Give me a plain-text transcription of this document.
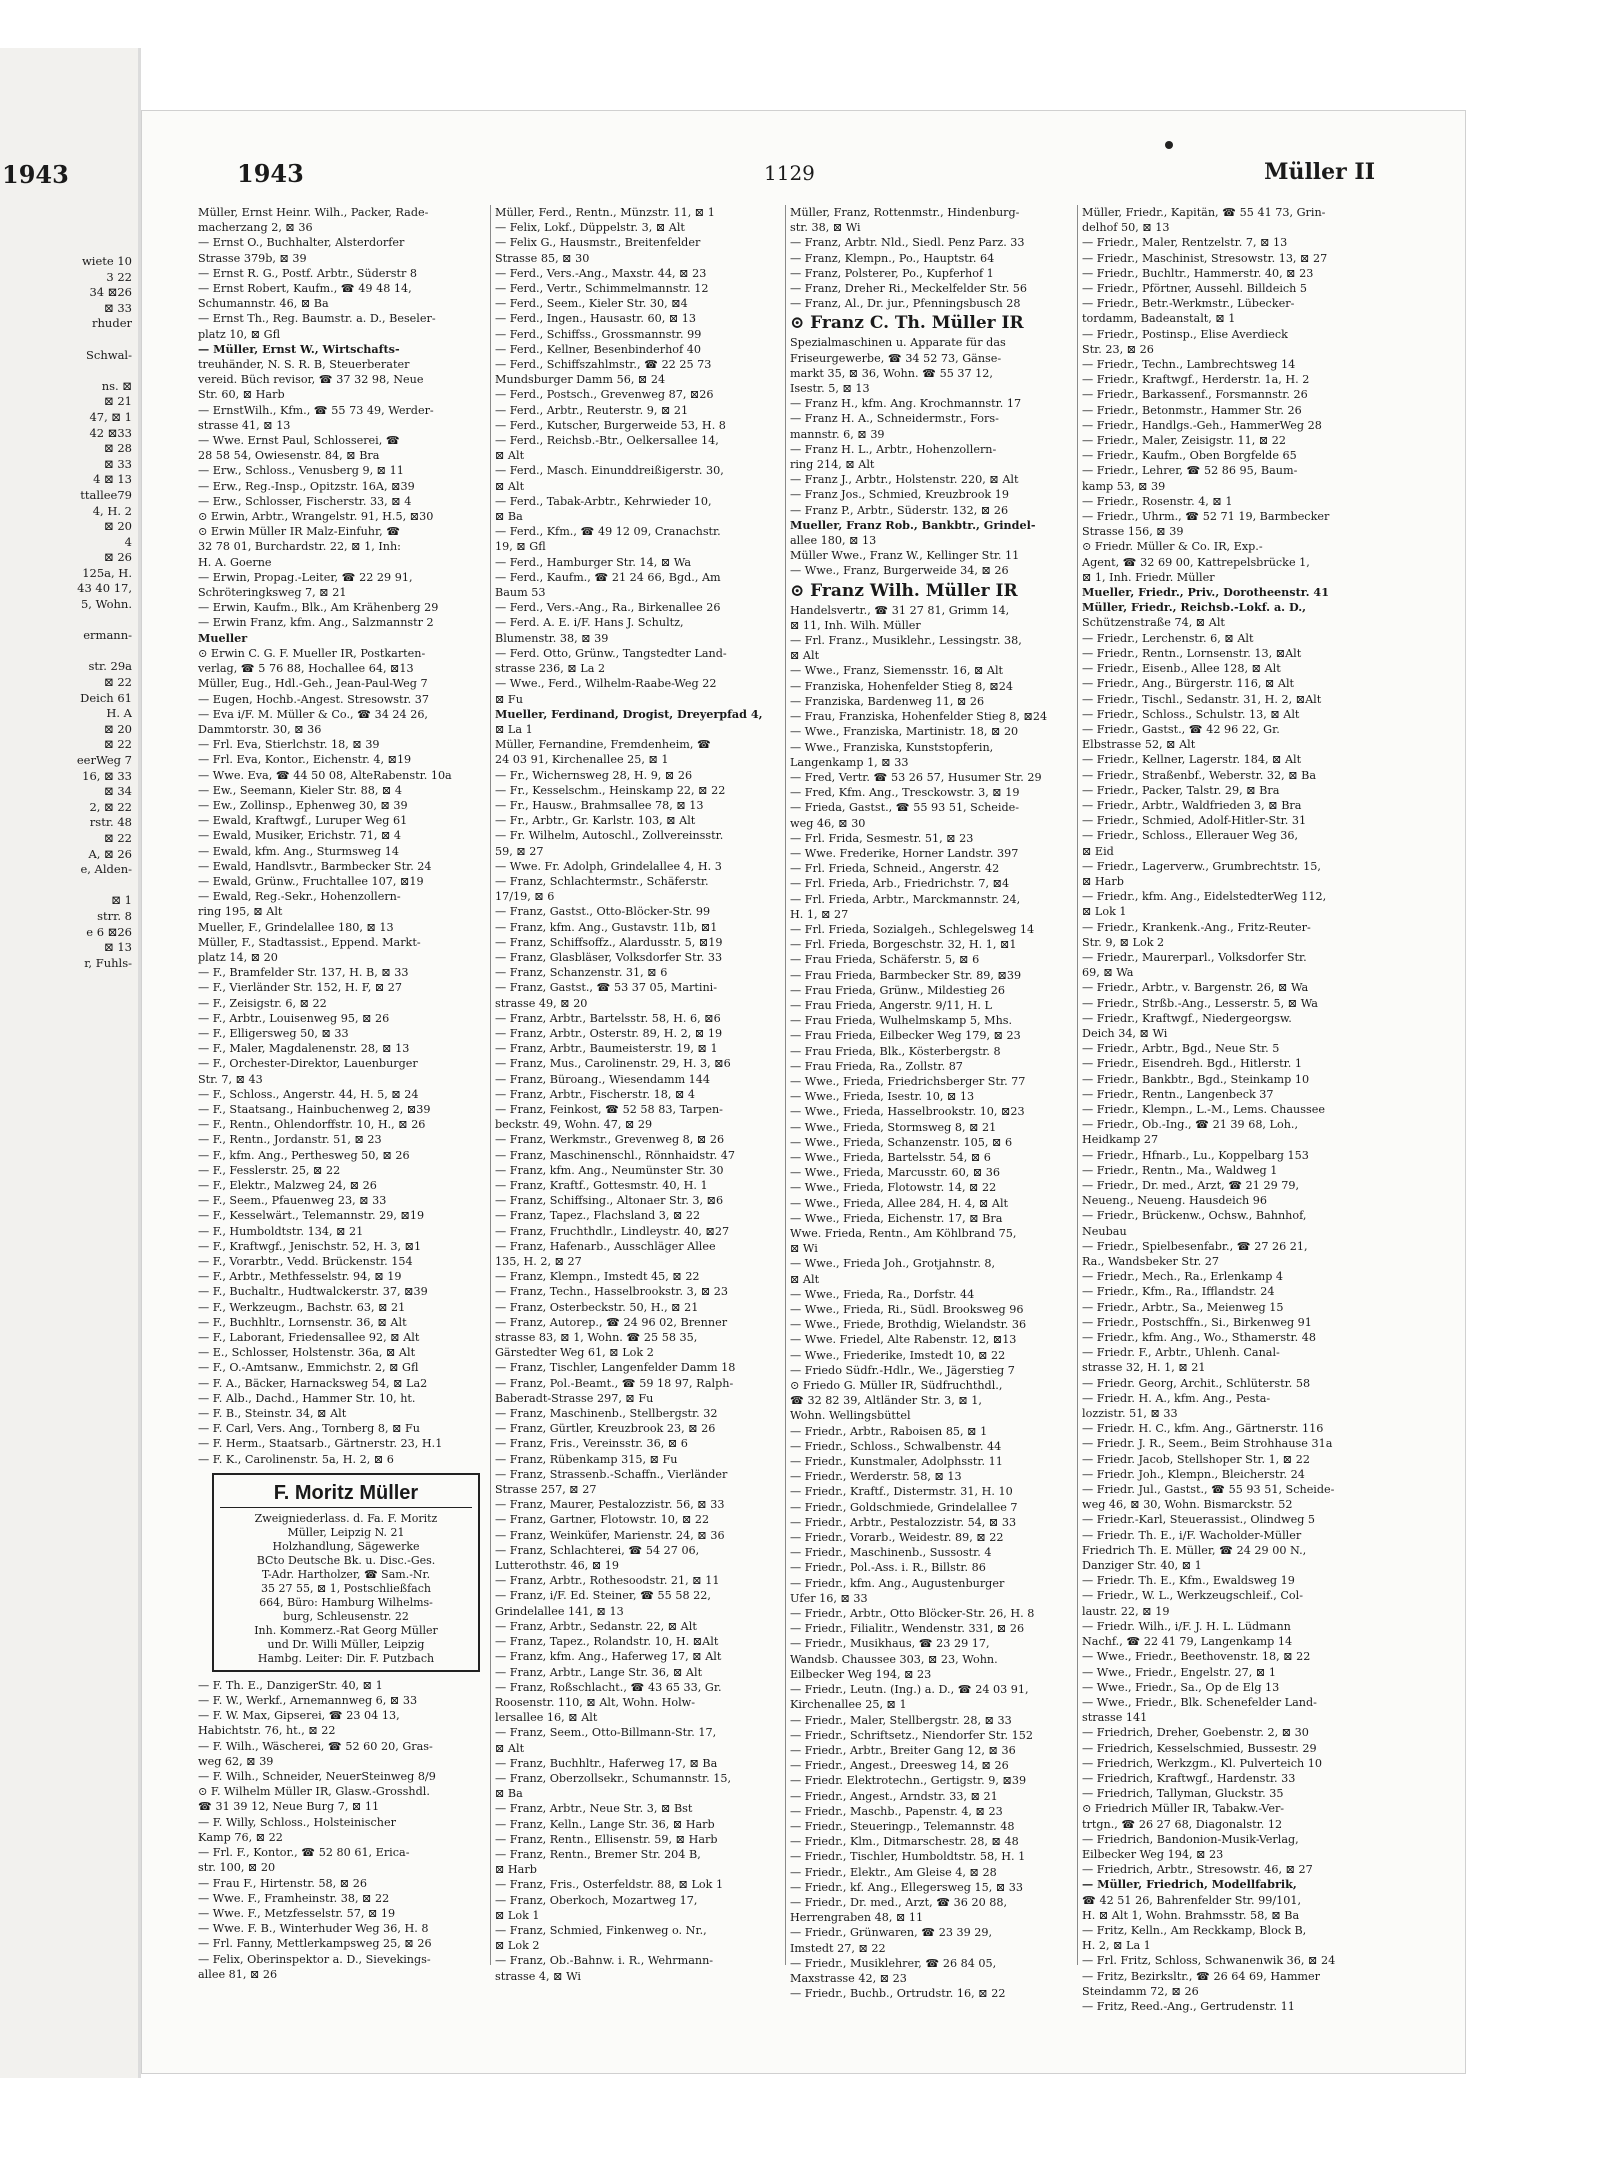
1943
wiete 10
3 22
34 ⊠26
⊠ 33
rhuder
Schwal-
ns. ⊠
⊠ 21
47, ⊠ 1
42 ⊠33
⊠ 28
⊠ 33
4 ⊠ 13
ttallee79
4, H. 2
⊠ 20
4
⊠ 26
125a, H.
43 40 17,
5, Wohn.
ermann-
str. 29a
⊠ 22
Deich 61
H. A
⊠ 20
⊠ 22
eerWeg 7
16, ⊠ 33
⊠ 34
2, ⊠ 22
rstr. 48
⊠ 22
A, ⊠ 26
e, Alden-
⊠ 1
strr. 8
e 6 ⊠26
⊠ 13
r, Fuhls-
1943	1129	Müller II
Müller, Ernst Heinr. Wilh., Packer, Rade-
macherzang 2, ⊠ 36
— Ernst O., Buchhalter, Alsterdorfer
Strasse 379b, ⊠ 39
— Ernst R. G., Postf. Arbtr., Süderstr 8
— Ernst Robert, Kaufm., ☎ 49 48 14,
Schumannstr. 46, ⊠ Ba
— Ernst Th., Reg. Baumstr. a. D., Beseler-
platz 10, ⊠ Gfl
— Müller, Ernst W., Wirtschafts-
treuhänder, N. S. R. B, Steuerberater
vereid. Büch revisor, ☎ 37 32 98, Neue
Str. 60, ⊠ Harb
— ErnstWilh., Kfm., ☎ 55 73 49, Werder-
strasse 41, ⊠ 13
— Wwe. Ernst Paul, Schlosserei, ☎
28 58 54, Owiesenstr. 84, ⊠ Bra
— Erw., Schloss., Venusberg 9, ⊠ 11
— Erw., Reg.-Insp., Opitzstr. 16A, ⊠39
— Erw., Schlosser, Fischerstr. 33, ⊠ 4
⊙ Erwin, Arbtr., Wrangelstr. 91, H.5, ⊠30
⊙ Erwin Müller IR Malz-Einfuhr, ☎
32 78 01, Burchardstr. 22, ⊠ 1, Inh:
H. A. Goerne
— Erwin, Propag.-Leiter, ☎ 22 29 91,
Schröteringksweg 7, ⊠ 21
— Erwin, Kaufm., Blk., Am Krähenberg 29
— Erwin Franz, kfm. Ang., Salzmannstr 2
Mueller
⊙ Erwin C. G. F. Mueller IR, Postkarten-
verlag, ☎ 5 76 88, Hochallee 64, ⊠13
Müller, Eug., Hdl.-Geh., Jean-Paul-Weg 7
— Eugen, Hochb.-Angest. Stresowstr. 37
— Eva i/F. M. Müller & Co., ☎ 34 24 26,
Dammtorstr. 30, ⊠ 36
— Frl. Eva, Stierlchstr. 18, ⊠ 39
— Frl. Eva, Kontor., Eichenstr. 4, ⊠19
— Wwe. Eva, ☎ 44 50 08, AlteRabenstr. 10a
— Ew., Seemann, Kieler Str. 88, ⊠ 4
— Ew., Zollinsp., Ephenweg 30, ⊠ 39
— Ewald, Kraftwgf., Luruper Weg 61
— Ewald, Musiker, Erichstr. 71, ⊠ 4
— Ewald, kfm. Ang., Sturmsweg 14
— Ewald, Handlsvtr., Barmbecker Str. 24
— Ewald, Grünw., Fruchtallee 107, ⊠19
— Ewald, Reg.-Sekr., Hohenzollern-
ring 195, ⊠ Alt
Mueller, F., Grindelallee 180, ⊠ 13
Müller, F., Stadtassist., Eppend. Markt-
platz 14, ⊠ 20
— F., Bramfelder Str. 137, H. B, ⊠ 33
— F., Vierländer Str. 152, H. F, ⊠ 27
— F., Zeisigstr. 6, ⊠ 22
— F., Arbtr., Louisenweg 95, ⊠ 26
— F., Elligersweg 50, ⊠ 33
— F., Maler, Magdalenenstr. 28, ⊠ 13
— F., Orchester-Direktor, Lauenburger
Str. 7, ⊠ 43
— F., Schloss., Angerstr. 44, H. 5, ⊠ 24
— F., Staatsang., Hainbuchenweg 2, ⊠39
— F., Rentn., Ohlendorffstr. 10, H., ⊠ 26
— F., Rentn., Jordanstr. 51, ⊠ 23
— F., kfm. Ang., Perthesweg 50, ⊠ 26
— F., Fesslerstr. 25, ⊠ 22
— F., Elektr., Malzweg 24, ⊠ 26
— F., Seem., Pfauenweg 23, ⊠ 33
— F., Kesselwärt., Telemannstr. 29, ⊠19
— F., Humboldtstr. 134, ⊠ 21
— F., Kraftwgf., Jenischstr. 52, H. 3, ⊠1
— F., Vorarbtr., Vedd. Brückenstr. 154
— F., Arbtr., Methfesselstr. 94, ⊠ 19
— F., Buchaltr., Hudtwalckerstr. 37, ⊠39
— F., Werkzeugm., Bachstr. 63, ⊠ 21
— F., Buchhltr., Lornsenstr. 36, ⊠ Alt
— F., Laborant, Friedensallee 92, ⊠ Alt
— E., Schlosser, Holstenstr. 36a, ⊠ Alt
— F., O.-Amtsanw., Emmichstr. 2, ⊠ Gfl
— F. A., Bäcker, Harnacksweg 54, ⊠ La2
— F. Alb., Dachd., Hammer Str. 10, ht.
— F. B., Steinstr. 34, ⊠ Alt
— F. Carl, Vers. Ang., Tornberg 8, ⊠ Fu
— F. Herm., Staatsarb., Gärtnerstr. 23, H.1
— F. K., Carolinenstr. 5a, H. 2, ⊠ 6
F. Moritz Müller
Zweigniederlass. d. Fa. F. Moritz
Müller, Leipzig N. 21
Holzhandlung, Sägewerke
BCto Deutsche Bk. u. Disc.-Ges.
T-Adr. Hartholzer, ☎ Sam.-Nr.
35 27 55, ⊠ 1, Postschließfach
664, Büro: Hamburg Wilhelms-
burg, Schleusenstr. 22
Inh. Kommerz.-Rat Georg Müller
und Dr. Willi Müller, Leipzig
Hambg. Leiter: Dir. F. Putzbach
— F. Th. E., DanzigerStr. 40, ⊠ 1
— F. W., Werkf., Arnemannweg 6, ⊠ 33
— F. W. Max, Gipserei, ☎ 23 04 13,
Habichtstr. 76, ht., ⊠ 22
— F. Wilh., Wäscherei, ☎ 52 60 20, Gras-
weg 62, ⊠ 39
— F. Wilh., Schneider, NeuerSteinweg 8/9
⊙ F. Wilhelm Müller IR, Glasw.-Grosshdl.
☎ 31 39 12, Neue Burg 7, ⊠ 11
— F. Willy, Schloss., Holsteinischer
Kamp 76, ⊠ 22
— Frl. F., Kontor., ☎ 52 80 61, Erica-
str. 100, ⊠ 20
— Frau F., Hirtenstr. 58, ⊠ 26
— Wwe. F., Framheinstr. 38, ⊠ 22
— Wwe. F., Metzfesselstr. 57, ⊠ 19
— Wwe. F. B., Winterhuder Weg 36, H. 8
— Frl. Fanny, Mettlerkampsweg 25, ⊠ 26
— Felix, Oberinspektor a. D., Sievekings-
allee 81, ⊠ 26
Müller, Ferd., Rentn., Münzstr. 11, ⊠ 1
— Felix, Lokf., Düppelstr. 3, ⊠ Alt
— Felix G., Hausmstr., Breitenfelder
Strasse 85, ⊠ 30
— Ferd., Vers.-Ang., Maxstr. 44, ⊠ 23
— Ferd., Vertr., Schimmelmannstr. 12
— Ferd., Seem., Kieler Str. 30, ⊠4
— Ferd., Ingen., Hausastr. 60, ⊠ 13
— Ferd., Schiffss., Grossmannstr. 99
— Ferd., Kellner, Besenbinderhof 40
— Ferd., Schiffszahlmstr., ☎ 22 25 73
Mundsburger Damm 56, ⊠ 24
— Ferd., Postsch., Grevenweg 87, ⊠26
— Ferd., Arbtr., Reuterstr. 9, ⊠ 21
— Ferd., Kutscher, Burgerweide 53, H. 8
— Ferd., Reichsb.-Btr., Oelkersallee 14,
⊠ Alt
— Ferd., Masch. Einunddreißigerstr. 30,
⊠ Alt
— Ferd., Tabak-Arbtr., Kehrwieder 10,
⊠ Ba
— Ferd., Kfm., ☎ 49 12 09, Cranachstr.
19, ⊠ Gfl
— Ferd., Hamburger Str. 14, ⊠ Wa
— Ferd., Kaufm., ☎ 21 24 66, Bgd., Am
Baum 53
— Ferd., Vers.-Ang., Ra., Birkenallee 26
— Ferd. A. E. i/F. Hans J. Schultz,
Blumenstr. 38, ⊠ 39
— Ferd. Otto, Grünw., Tangstedter Land-
strasse 236, ⊠ La 2
— Wwe., Ferd., Wilhelm-Raabe-Weg 22
⊠ Fu
Mueller, Ferdinand, Drogist, Dreyerpfad 4,
⊠ La 1
Müller, Fernandine, Fremdenheim, ☎
24 03 91, Kirchenallee 25, ⊠ 1
— Fr., Wichernsweg 28, H. 9, ⊠ 26
— Fr., Kesselschm., Heinskamp 22, ⊠ 22
— Fr., Hausw., Brahmsallee 78, ⊠ 13
— Fr., Arbtr., Gr. Karlstr. 103, ⊠ Alt
— Fr. Wilhelm, Autoschl., Zollvereinsstr.
59, ⊠ 27
— Wwe. Fr. Adolph, Grindelallee 4, H. 3
— Franz, Schlachtermstr., Schäferstr.
17/19, ⊠ 6
— Franz, Gastst., Otto-Blöcker-Str. 99
— Franz, kfm. Ang., Gustavstr. 11b, ⊠1
— Franz, Schiffsoffz., Alardusstr. 5, ⊠19
— Franz, Glasbläser, Volksdorfer Str. 33
— Franz, Schanzenstr. 31, ⊠ 6
— Franz, Gastst., ☎ 53 37 05, Martini-
strasse 49, ⊠ 20
— Franz, Arbtr., Bartelsstr. 58, H. 6, ⊠6
— Franz, Arbtr., Osterstr. 89, H. 2, ⊠ 19
— Franz, Arbtr., Baumeisterstr. 19, ⊠ 1
— Franz, Mus., Carolinenstr. 29, H. 3, ⊠6
— Franz, Büroang., Wiesendamm 144
— Franz, Arbtr., Fischerstr. 18, ⊠ 4
— Franz, Feinkost, ☎ 52 58 83, Tarpen-
beckstr. 49, Wohn. 47, ⊠ 29
— Franz, Werkmstr., Grevenweg 8, ⊠ 26
— Franz, Maschinenschl., Rönnhaidstr. 47
— Franz, kfm. Ang., Neumünster Str. 30
— Franz, Kraftf., Gottesmstr. 40, H. 1
— Franz, Schiffsing., Altonaer Str. 3, ⊠6
— Franz, Tapez., Flachsland 3, ⊠ 22
— Franz, Fruchthdlr., Lindleystr. 40, ⊠27
— Franz, Hafenarb., Ausschläger Allee
135, H. 2, ⊠ 27
— Franz, Klempn., Imstedt 45, ⊠ 22
— Franz, Techn., Hasselbrookstr. 3, ⊠ 23
— Franz, Osterbeckstr. 50, H., ⊠ 21
— Franz, Autorep., ☎ 24 96 02, Brenner
strasse 83, ⊠ 1, Wohn. ☎ 25 58 35,
Gärstedter Weg 61, ⊠ Lok 2
— Franz, Tischler, Langenfelder Damm 18
— Franz, Pol.-Beamt., ☎ 59 18 97, Ralph-
Baberadt-Strasse 297, ⊠ Fu
— Franz, Maschinenb., Stellbergstr. 32
— Franz, Gürtler, Kreuzbrook 23, ⊠ 26
— Franz, Fris., Vereinsstr. 36, ⊠ 6
— Franz, Rübenkamp 315, ⊠ Fu
— Franz, Strassenb.-Schaffn., Vierländer
Strasse 257, ⊠ 27
— Franz, Maurer, Pestalozzistr. 56, ⊠ 33
— Franz, Gartner, Flotowstr. 10, ⊠ 22
— Franz, Weinküfer, Marienstr. 24, ⊠ 36
— Franz, Schlachterei, ☎ 54 27 06,
Lutterothstr. 46, ⊠ 19
— Franz, Arbtr., Rothesoodstr. 21, ⊠ 11
— Franz, i/F. Ed. Steiner, ☎ 55 58 22,
Grindelallee 141, ⊠ 13
— Franz, Arbtr., Sedanstr. 22, ⊠ Alt
— Franz, Tapez., Rolandstr. 10, H. ⊠Alt
— Franz, kfm. Ang., Haferweg 17, ⊠ Alt
— Franz, Arbtr., Lange Str. 36, ⊠ Alt
— Franz, Roßschlacht., ☎ 43 65 33, Gr.
Roosenstr. 110, ⊠ Alt, Wohn. Holw-
lersallee 16, ⊠ Alt
— Franz, Seem., Otto-Billmann-Str. 17,
⊠ Alt
— Franz, Buchhltr., Haferweg 17, ⊠ Ba
— Franz, Oberzollsekr., Schumannstr. 15,
⊠ Ba
— Franz, Arbtr., Neue Str. 3, ⊠ Bst
— Franz, Kelln., Lange Str. 36, ⊠ Harb
— Franz, Rentn., Ellisenstr. 59, ⊠ Harb
— Franz, Rentn., Bremer Str. 204 B,
⊠ Harb
— Franz, Fris., Osterfeldstr. 88, ⊠ Lok 1
— Franz, Oberkoch, Mozartweg 17,
⊠ Lok 1
— Franz, Schmied, Finkenweg o. Nr.,
⊠ Lok 2
— Franz, Ob.-Bahnw. i. R., Wehrmann-
strasse 4, ⊠ Wi
Müller, Franz, Rottenmstr., Hindenburg-
str. 38, ⊠ Wi
— Franz, Arbtr. Nld., Siedl. Penz Parz. 33
— Franz, Klempn., Po., Hauptstr. 64
— Franz, Polsterer, Po., Kupferhof 1
— Franz, Dreher Ri., Meckelfelder Str. 56
— Franz, Al., Dr. jur., Pfenningsbusch 28
⊙ Franz C. Th. Müller IR
Spezialmaschinen u. Apparate für das
Friseurgewerbe, ☎ 34 52 73, Gänse-
markt 35, ⊠ 36, Wohn. ☎ 55 37 12,
Isestr. 5, ⊠ 13
— Franz H., kfm. Ang. Krochmannstr. 17
— Franz H. A., Schneidermstr., Fors-
mannstr. 6, ⊠ 39
— Franz H. L., Arbtr., Hohenzollern-
ring 214, ⊠ Alt
— Franz J., Arbtr., Holstenstr. 220, ⊠ Alt
— Franz Jos., Schmied, Kreuzbrook 19
— Franz P., Arbtr., Süderstr. 132, ⊠ 26
Mueller, Franz Rob., Bankbtr., Grindel-
allee 180, ⊠ 13
Müller Wwe., Franz W., Kellinger Str. 11
— Wwe., Franz, Burgerweide 34, ⊠ 26
⊙ Franz Wilh. Müller IR
Handelsvertr., ☎ 31 27 81, Grimm 14,
⊠ 11, Inh. Wilh. Müller
— Frl. Franz., Musiklehr., Lessingstr. 38,
⊠ Alt
— Wwe., Franz, Siemensstr. 16, ⊠ Alt
— Franziska, Hohenfelder Stieg 8, ⊠24
— Franziska, Bardenweg 11, ⊠ 26
— Frau, Franziska, Hohenfelder Stieg 8, ⊠24
— Wwe., Franziska, Martinistr. 18, ⊠ 20
— Wwe., Franziska, Kunststopferin,
Langenkamp 1, ⊠ 33
— Fred, Vertr. ☎ 53 26 57, Husumer Str. 29
— Fred, Kfm. Ang., Tresckowstr. 3, ⊠ 19
— Frieda, Gastst., ☎ 55 93 51, Scheide-
weg 46, ⊠ 30
— Frl. Frida, Sesmestr. 51, ⊠ 23
— Wwe. Frederike, Horner Landstr. 397
— Frl. Frieda, Schneid., Angerstr. 42
— Frl. Frieda, Arb., Friedrichstr. 7, ⊠4
— Frl. Frieda, Arbtr., Marckmannstr. 24,
H. 1, ⊠ 27
— Frl. Frieda, Sozialgeh., Schlegelsweg 14
— Frl. Frieda, Borgeschstr. 32, H. 1, ⊠1
— Frau Frieda, Schäferstr. 5, ⊠ 6
— Frau Frieda, Barmbecker Str. 89, ⊠39
— Frau Frieda, Grünw., Mildestieg 26
— Frau Frieda, Angerstr. 9/11, H. L
— Frau Frieda, Wulhelmskamp 5, Mhs.
— Frau Frieda, Eilbecker Weg 179, ⊠ 23
— Frau Frieda, Blk., Kösterbergstr. 8
— Frau Frieda, Ra., Zollstr. 87
— Wwe., Frieda, Friedrichsberger Str. 77
— Wwe., Frieda, Isestr. 10, ⊠ 13
— Wwe., Frieda, Hasselbrookstr. 10, ⊠23
— Wwe., Frieda, Stormsweg 8, ⊠ 21
— Wwe., Frieda, Schanzenstr. 105, ⊠ 6
— Wwe., Frieda, Bartelsstr. 54, ⊠ 6
— Wwe., Frieda, Marcusstr. 60, ⊠ 36
— Wwe., Frieda, Flotowstr. 14, ⊠ 22
— Wwe., Frieda, Allee 284, H. 4, ⊠ Alt
— Wwe., Frieda, Eichenstr. 17, ⊠ Bra
Wwe. Frieda, Rentn., Am Köhlbrand 75,
⊠ Wi
— Wwe., Frieda Joh., Grotjahnstr. 8,
⊠ Alt
— Wwe., Frieda, Ra., Dorfstr. 44
— Wwe., Frieda, Ri., Südl. Brooksweg 96
— Wwe., Friede, Brothdig, Wielandstr. 36
— Wwe. Friedel, Alte Rabenstr. 12, ⊠13
— Wwe., Friederike, Imstedt 10, ⊠ 22
— Friedo Südfr.-Hdlr., We., Jägerstieg 7
⊙ Friedo G. Müller IR, Südfruchthdl.,
☎ 32 82 39, Altländer Str. 3, ⊠ 1,
Wohn. Wellingsbüttel
— Friedr., Arbtr., Raboisen 85, ⊠ 1
— Friedr., Schloss., Schwalbenstr. 44
— Friedr., Kunstmaler, Adolphsstr. 11
— Friedr., Werderstr. 58, ⊠ 13
— Friedr., Kraftf., Distermstr. 31, H. 10
— Friedr., Goldschmiede, Grindelallee 7
— Friedr., Arbtr., Pestalozzistr. 54, ⊠ 33
— Friedr., Vorarb., Weidestr. 89, ⊠ 22
— Friedr., Maschinenb., Sussostr. 4
— Friedr., Pol.-Ass. i. R., Billstr. 86
— Friedr., kfm. Ang., Augustenburger
Ufer 16, ⊠ 33
— Friedr., Arbtr., Otto Blöcker-Str. 26, H. 8
— Friedr., Filialitr., Wendenstr. 331, ⊠ 26
— Friedr., Musikhaus, ☎ 23 29 17,
Wandsb. Chaussee 303, ⊠ 23, Wohn.
Eilbecker Weg 194, ⊠ 23
— Friedr., Leutn. (Ing.) a. D., ☎ 24 03 91,
Kirchenallee 25, ⊠ 1
— Friedr., Maler, Stellbergstr. 28, ⊠ 33
— Friedr., Schriftsetz., Niendorfer Str. 152
— Friedr., Arbtr., Breiter Gang 12, ⊠ 36
— Friedr., Angest., Dreesweg 14, ⊠ 26
— Friedr. Elektrotechn., Gertigstr. 9, ⊠39
— Friedr., Angest., Arndstr. 33, ⊠ 21
— Friedr., Maschb., Papenstr. 4, ⊠ 23
— Friedr., Steueringp., Telemannstr. 48
— Friedr., Klm., Ditmarschestr. 28, ⊠ 48
— Friedr., Tischler, Humboldtstr. 58, H. 1
— Friedr., Elektr., Am Gleise 4, ⊠ 28
— Friedr., kf. Ang., Ellegersweg 15, ⊠ 33
— Friedr., Dr. med., Arzt, ☎ 36 20 88,
Herrengraben 48, ⊠ 11
— Friedr., Grünwaren, ☎ 23 39 29,
Imstedt 27, ⊠ 22
— Friedr., Musiklehrer, ☎ 26 84 05,
Maxstrasse 42, ⊠ 23
— Friedr., Buchb., Ortrudstr. 16, ⊠ 22
Müller, Friedr., Kapitän, ☎ 55 41 73, Grin-
delhof 50, ⊠ 13
— Friedr., Maler, Rentzelstr. 7, ⊠ 13
— Friedr., Maschinist, Stresowstr. 13, ⊠ 27
— Friedr., Buchltr., Hammerstr. 40, ⊠ 23
— Friedr., Pförtner, Aussehl. Billdeich 5
— Friedr., Betr.-Werkmstr., Lübecker-
tordamm, Badeanstalt, ⊠ 1
— Friedr., Postinsp., Elise Averdieck
Str. 23, ⊠ 26
— Friedr., Techn., Lambrechtsweg 14
— Friedr., Kraftwgf., Herderstr. 1a, H. 2
— Friedr., Barkassenf., Forsmannstr. 26
— Friedr., Betonmstr., Hammer Str. 26
— Friedr., Handlgs.-Geh., HammerWeg 28
— Friedr., Maler, Zeisigstr. 11, ⊠ 22
— Friedr., Kaufm., Oben Borgfelde 65
— Friedr., Lehrer, ☎ 52 86 95, Baum-
kamp 53, ⊠ 39
— Friedr., Rosenstr. 4, ⊠ 1
— Friedr., Uhrm., ☎ 52 71 19, Barmbecker
Strasse 156, ⊠ 39
⊙ Friedr. Müller & Co. IR, Exp.-
Agent, ☎ 32 69 00, Kattrepelsbrücke 1,
⊠ 1, Inh. Friedr. Müller
Mueller, Friedr., Priv., Dorotheenstr. 41
Müller, Friedr., Reichsb.-Lokf. a. D.,
Schützenstraße 74, ⊠ Alt
— Friedr., Lerchenstr. 6, ⊠ Alt
— Friedr., Rentn., Lornsenstr. 13, ⊠Alt
— Friedr., Eisenb., Allee 128, ⊠ Alt
— Friedr., Ang., Bürgerstr. 116, ⊠ Alt
— Friedr., Tischl., Sedanstr. 31, H. 2, ⊠Alt
— Friedr., Schloss., Schulstr. 13, ⊠ Alt
— Friedr., Gastst., ☎ 42 96 22, Gr.
Elbstrasse 52, ⊠ Alt
— Friedr., Kellner, Lagerstr. 184, ⊠ Alt
— Friedr., Straßenbf., Weberstr. 32, ⊠ Ba
— Friedr., Packer, Talstr. 29, ⊠ Bra
— Friedr., Arbtr., Waldfrieden 3, ⊠ Bra
— Friedr., Schmied, Adolf-Hitler-Str. 31
— Friedr., Schloss., Ellerauer Weg 36,
⊠ Eid
— Friedr., Lagerverw., Grumbrechtstr. 15,
⊠ Harb
— Friedr., kfm. Ang., EidelstedterWeg 112,
⊠ Lok 1
— Friedr., Krankenk.-Ang., Fritz-Reuter-
Str. 9, ⊠ Lok 2
— Friedr., Maurerparl., Volksdorfer Str.
69, ⊠ Wa
— Friedr., Arbtr., v. Bargenstr. 26, ⊠ Wa
— Friedr., Strßb.-Ang., Lesserstr. 5, ⊠ Wa
— Friedr., Kraftwgf., Niedergeorgsw.
Deich 34, ⊠ Wi
— Friedr., Arbtr., Bgd., Neue Str. 5
— Friedr., Eisendreh. Bgd., Hitlerstr. 1
— Friedr., Bankbtr., Bgd., Steinkamp 10
— Friedr., Rentn., Langenbeck 37
— Friedr., Klempn., L.-M., Lems. Chaussee
— Friedr., Ob.-Ing., ☎ 21 39 68, Loh.,
Heidkamp 27
— Friedr., Hfnarb., Lu., Koppelbarg 153
— Friedr., Rentn., Ma., Waldweg 1
— Friedr., Dr. med., Arzt, ☎ 21 29 79,
Neueng., Neueng. Hausdeich 96
— Friedr., Brückenw., Ochsw., Bahnhof,
Neubau
— Friedr., Spielbesenfabr., ☎ 27 26 21,
Ra., Wandsbeker Str. 27
— Friedr., Mech., Ra., Erlenkamp 4
— Friedr., Kfm., Ra., Ifflandstr. 24
— Friedr., Arbtr., Sa., Meienweg 15
— Friedr., Postschffn., Si., Birkenweg 91
— Friedr., kfm. Ang., Wo., Sthamerstr. 48
— Friedr. F., Arbtr., Uhlenh. Canal-
strasse 32, H. 1, ⊠ 21
— Friedr. Georg, Archit., Schlüterstr. 58
— Friedr. H. A., kfm. Ang., Pesta-
lozzistr. 51, ⊠ 33
— Friedr. H. C., kfm. Ang., Gärtnerstr. 116
— Friedr. J. R., Seem., Beim Strohhause 31a
— Friedr. Jacob, Stellshoper Str. 1, ⊠ 22
— Friedr. Joh., Klempn., Bleicherstr. 24
— Friedr. Jul., Gastst., ☎ 55 93 51, Scheide-
weg 46, ⊠ 30, Wohn. Bismarckstr. 52
— Friedr.-Karl, Steuerassist., Olindweg 5
— Friedr. Th. E., i/F. Wacholder-Müller
Friedrich Th. E. Müller, ☎ 24 29 00 N.,
Danziger Str. 40, ⊠ 1
— Friedr. Th. E., Kfm., Ewaldsweg 19
— Friedr., W. L., Werkzeugschleif., Col-
laustr. 22, ⊠ 19
— Friedr. Wilh., i/F. J. H. L. Lüdmann
Nachf., ☎ 22 41 79, Langenkamp 14
— Wwe., Friedr., Beethovenstr. 18, ⊠ 22
— Wwe., Friedr., Engelstr. 27, ⊠ 1
— Wwe., Friedr., Sa., Op de Elg 13
— Wwe., Friedr., Blk. Schenefelder Land-
strasse 141
— Friedrich, Dreher, Goebenstr. 2, ⊠ 30
— Friedrich, Kesselschmied, Bussestr. 29
— Friedrich, Werkzgm., Kl. Pulverteich 10
— Friedrich, Kraftwgf., Hardenstr. 33
— Friedrich, Tallyman, Gluckstr. 35
⊙ Friedrich Müller IR, Tabakw.-Ver-
trtgn., ☎ 26 27 68, Diagonalstr. 12
— Friedrich, Bandonion-Musik-Verlag,
Eilbecker Weg 194, ⊠ 23
— Friedrich, Arbtr., Stresowstr. 46, ⊠ 27
— Müller, Friedrich, Modellfabrik,
☎ 42 51 26, Bahrenfelder Str. 99/101,
H. ⊠ Alt 1, Wohn. Brahmsstr. 58, ⊠ Ba
— Fritz, Kelln., Am Reckkamp, Block B,
H. 2, ⊠ La 1
— Frl. Fritz, Schloss, Schwanenwik 36, ⊠ 24
— Fritz, Bezirksltr., ☎ 26 64 69, Hammer
Steindamm 72, ⊠ 26
— Fritz, Reed.-Ang., Gertrudenstr. 11
